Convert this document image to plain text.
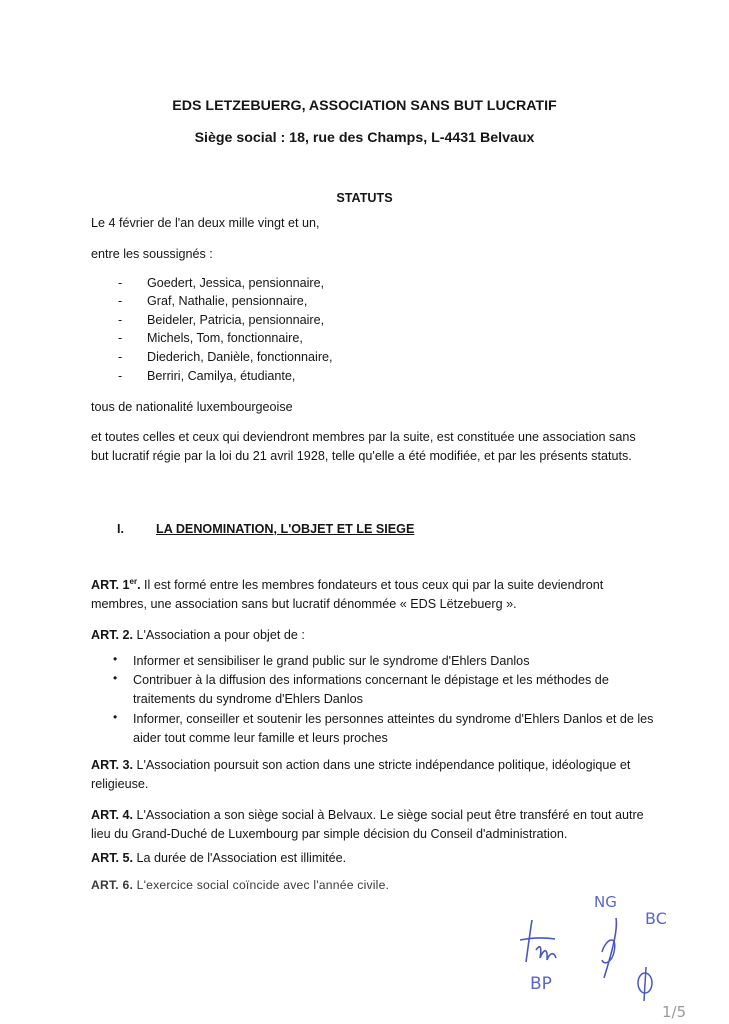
EDS LETZEBUERG, ASSOCIATION SANS BUT LUCRATIF
Siège social : 18, rue des Champs, L-4431 Belvaux
STATUTS
Le 4 février de l'an deux mille vingt et un,
entre les soussignés :
- Goedert, Jessica, pensionnaire,
- Graf, Nathalie, pensionnaire,
- Beideler, Patricia, pensionnaire,
- Michels, Tom, fonctionnaire,
- Diederich, Danièle, fonctionnaire,
- Berriri, Camilya, étudiante,
tous de nationalité luxembourgeoise
et toutes celles et ceux qui deviendront membres par la suite, est constituée une association sans but lucratif régie par la loi du 21 avril 1928, telle qu'elle a été modifiée, et par les présents statuts.
I.	LA DENOMINATION, L'OBJET ET LE SIEGE
ART. 1er. Il est formé entre les membres fondateurs et tous ceux qui par la suite deviendront membres, une association sans but lucratif dénommée « EDS Lëtzebuerg ».
ART. 2. L'Association a pour objet de :
• Informer et sensibiliser le grand public sur le syndrome d'Ehlers Danlos
• Contribuer à la diffusion des informations concernant le dépistage et les méthodes de traitements du syndrome d'Ehlers Danlos
• Informer, conseiller et soutenir les personnes atteintes du syndrome d'Ehlers Danlos et de les aider tout comme leur famille et leurs proches
ART. 3. L'Association poursuit son action dans une stricte indépendance politique, idéologique et religieuse.
ART. 4. L'Association a son siège social à Belvaux. Le siège social peut être transféré en tout autre lieu du Grand-Duché de Luxembourg par simple décision du Conseil d'administration.
ART. 5. La durée de l'Association est illimitée.
ART. 6. L'exercice social coïncide avec l'année civile.
NG
BC
BP
1/5
